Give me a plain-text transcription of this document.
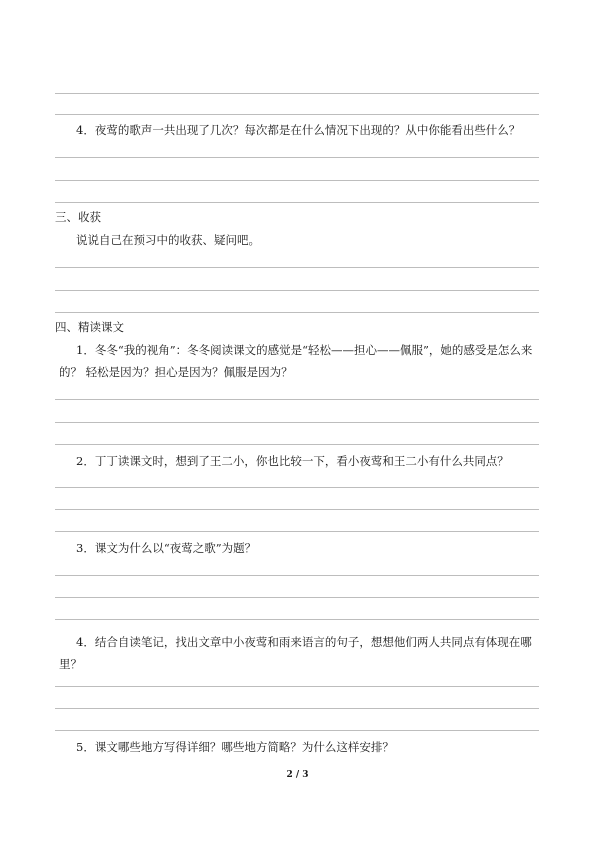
4．夜莺的歌声一共出现了几次？每次都是在什么情况下出现的？从中你能看出些什么？
三、收获
说说自己在预习中的收获、疑问吧。
四、精读课文
1．冬冬“我的视角”：冬冬阅读课文的感觉是“轻松——担心——佩服”，她的感受是怎么来的？ 轻松是因为？担心是因为？佩服是因为？
2．丁丁读课文时，想到了王二小，你也比较一下，看小夜莺和王二小有什么共同点？
3．课文为什么以“夜莺之歌”为题？
4．结合自读笔记，找出文章中小夜莺和雨来语言的句子，想想他们两人共同点有体现在哪里？
5．课文哪些地方写得详细？哪些地方简略？为什么这样安排？
2 / 3
